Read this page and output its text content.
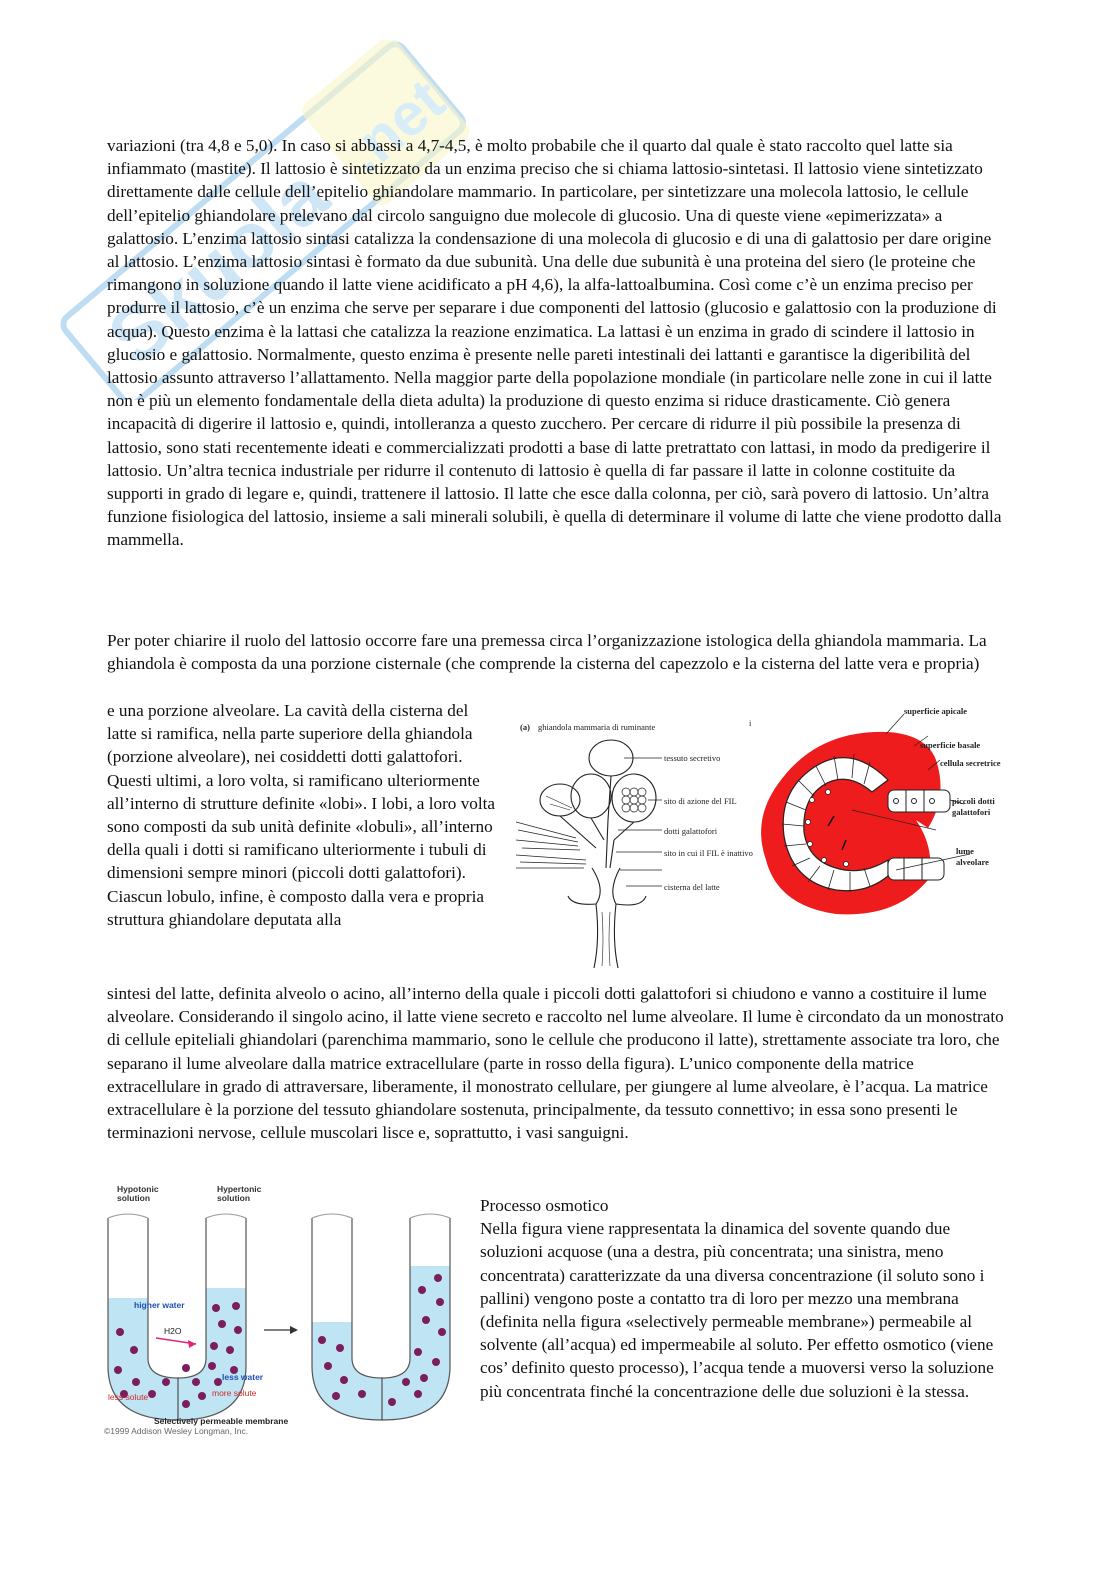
Skuola
.net

variazioni (tra 4,8 e 5,0). In caso si abbassi a 4,7-4,5, è molto probabile che il quarto dal quale è stato raccolto quel latte sia infiammato (mastite). Il lattosio è sintetizzato da un enzima preciso che si chiama lattosio-sintetasi. Il lattosio viene sintetizzato direttamente dalle cellule dell’epitelio ghiandolare mammario. In particolare, per sintetizzare una molecola lattosio, le cellule dell’epitelio ghiandolare prelevano dal circolo sanguigno due molecole di glucosio. Una di queste viene «epimerizzata» a galattosio. L’enzima lattosio sintasi catalizza la condensazione di una molecola di glucosio e di una di galattosio per dare origine al lattosio. L’enzima lattosio sintasi è formato da due subunità. Una delle due subunità è una proteina del siero (le proteine che rimangono in soluzione quando il latte viene acidificato a pH 4,6), la alfa-lattoalbumina. Così come c’è un enzima preciso per produrre il lattosio, c’è un enzima che serve per separare i due componenti del lattosio (glucosio e galattosio con la produzione di acqua). Questo enzima è la lattasi che catalizza la reazione enzimatica. La lattasi è un enzima in grado di scindere il lattosio in glucosio e galattosio. Normalmente, questo enzima è presente nelle pareti intestinali dei lattanti e garantisce la digeribilità del lattosio assunto attraverso l’allattamento. Nella maggior parte della popolazione mondiale (in particolare nelle zone in cui il latte non è più un elemento fondamentale della dieta adulta) la produzione di questo enzima si riduce drasticamente. Ciò genera incapacità di digerire il lattosio e, quindi, intolleranza a questo zucchero. Per cercare di ridurre il più possibile la presenza di lattosio, sono stati recentemente ideati e commercializzati prodotti a base di latte pretrattato con lattasi, in modo da predigerire il lattosio. Un’altra tecnica industriale per ridurre il contenuto di lattosio è quella di far passare il latte in colonne costituite da supporti in grado di legare e, quindi, trattenere il lattosio. Il latte che esce dalla colonna, per ciò, sarà povero di lattosio. Un’altra funzione fisiologica del lattosio, insieme a sali minerali solubili, è quella di determinare il volume di latte che viene prodotto dalla mammella.

Per poter chiarire il ruolo del lattosio occorre fare una premessa circa l’organizzazione istologica della ghiandola mammaria. La ghiandola è composta da una porzione cisternale (che comprende la cisterna del capezzolo e la cisterna del latte vera e propria)
e una porzione alveolare. La cavità della cisterna del latte si ramifica, nella parte superiore della ghiandola (porzione alveolare), nei cosiddetti dotti galattofori. Questi ultimi, a loro volta, si ramificano ulteriormente all’interno di strutture definite «lobi». I lobi, a loro volta sono composti da sub unità definite «lobuli», all’interno della quali i dotti si ramificano ulteriormente i tubuli di dimensioni sempre minori (piccoli dotti galattofori). Ciascun lobulo, infine, è composto dalla vera e propria struttura ghiandolare deputata alla
sintesi del latte, definita alveolo o acino, all’interno della quale i piccoli dotti galattofori si chiudono e vanno a costituire il lume alveolare. Considerando il singolo acino, il latte viene secreto e raccolto nel lume alveolare. Il lume è circondato da un monostrato di cellule epiteliali ghiandolari (parenchima mammario, sono le cellule che producono il latte), strettamente associate tra loro, che separano il lume alveolare dalla matrice extracellulare (parte in rosso della figura). L’unico componente della matrice extracellulare in grado di attraversare, liberamente, il monostrato cellulare, per giungere al lume alveolare, è l’acqua. La matrice extracellulare è la porzione del tessuto ghiandolare sostenuta, principalmente, da tessuto connettivo; in essa sono presenti le terminazioni nervose, cellule muscolari lisce e, soprattutto, i vasi sanguigni.
(a) ghiandola mammaria di ruminante
tessuto secretivo
sito di azione del FIL
dotti galattofori
sito in cui il FIL è inattivo
cisterna del latte
i
superficie apicale
superficie basale
cellula secretrice
piccoli dotti
galattofori
lume
alveolare
Hypotonic
solution
Hypertonic
solution
higher water
H2O
less water
less solute	more solute
Selectively permeable membrane
©1999 Addison Wesley Longman, Inc.
Processo osmotico
Nella figura viene rappresentata la dinamica del sovente quando due soluzioni acquose (una a destra, più concentrata; una sinistra, meno concentrata) caratterizzate da una diversa concentrazione (il soluto sono i pallini) vengono poste a contatto tra di loro per mezzo una membrana (definita nella figura «selectively permeable membrane») permeabile al solvente (all’acqua) ed impermeabile al soluto. Per effetto osmotico (viene cos’ definito questo processo), l’acqua tende a muoversi verso la soluzione più concentrata finché la concentrazione delle due soluzioni è la stessa.
